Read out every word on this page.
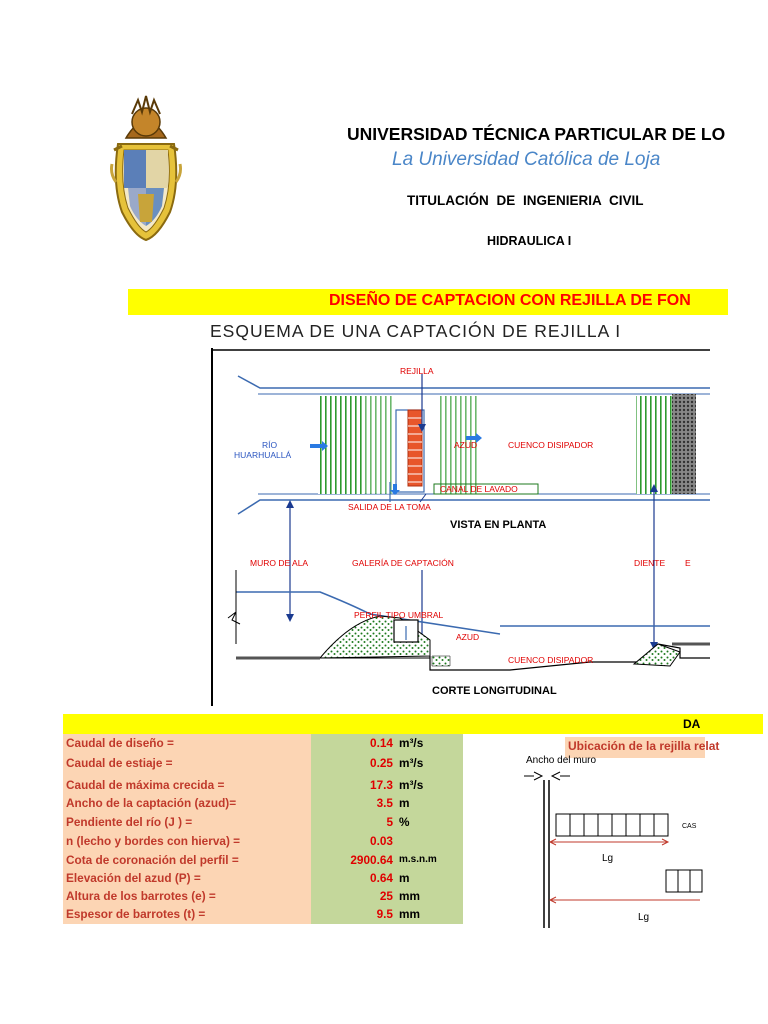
UNIVERSIDAD TÉCNICA PARTICULAR DE LO
La Universidad Católica de Loja
TITULACIÓN DE INGENIERIA CIVIL
HIDRAULICA I
DISEÑO DE CAPTACION CON REJILLA DE FON
ESQUEMA DE UNA CAPTACIÓN DE REJILLA I
REJILLA
RÍO
HUARHUALLÁ
AZUD	CUENCO DISIPADOR
CANAL DE LAVADO
SALIDA DE LA TOMA
VISTA EN PLANTA
MURO DE ALA	GALERÍA DE CAPTACIÓN	DIENTE E
PERFIL TIPO UMBRAL
AZUD
CUENCO DISIPADOR
CORTE LONGITUDINAL
DA
Caudal de diseño =	0.14 m³/s
Caudal de estiaje =	0.25 m³/s
Caudal de máxima crecida =	17.3 m³/s
Ancho de la captación (azud)=	3.5 m
Pendiente del río (J ) =	5 %
n (lecho y bordes con hierva) =	0.03
Cota de coronación del perfil =	2900.64 m.s.n.m
Elevación del azud (P) =	0.64 m
Altura de los barrotes (e) =	25 mm
Espesor de barrotes (t) =	9.5 mm
Ubicación de la rejilla relat
Ancho del muro
CAS
Lg
Lg
